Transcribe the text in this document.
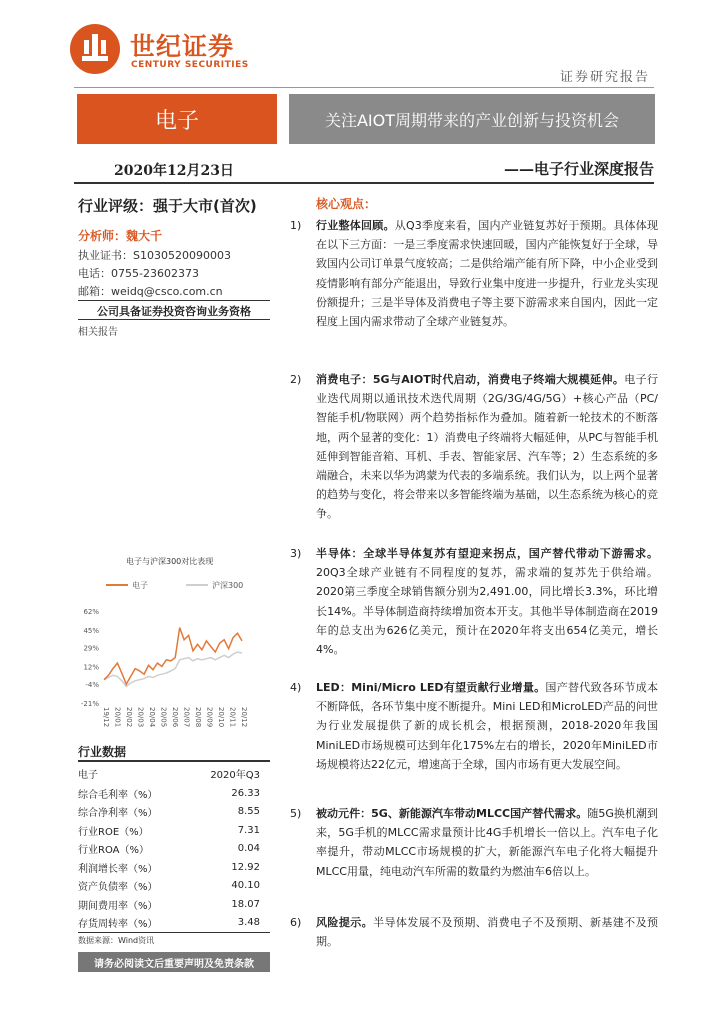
世纪证券
CENTURY SECURITIES
证券研究报告
电子	关注AIOT周期带来的产业创新与投资机会
2020年12月23日	——电子行业深度报告
行业评级：强于大市(首次)
分析师：魏大千
执业证书：S1030520090003
电话：0755-23602373
邮箱：weidq@csco.com.cn
公司具备证券投资咨询业务资格
相关报告
电子与沪深300对比表现
电子	沪深300
62%
45%
29%
12%
-4%
-21%
19/12 20/01 20/02 20/03 20/04 20/05 20/06 20/07 20/08 20/09 20/10 20/11 20/12
行业数据
电子	2020年Q3
综合毛利率（%）	26.33
综合净利率（%）	8.55
行业ROE（%）	7.31
行业ROA（%）	0.04
利润增长率（%）	12.92
资产负债率（%）	40.10
期间费用率（%）	18.07
存货周转率（%）	3.48
数据来源：Wind资讯
请务必阅读文后重要声明及免责条款
核心观点：
1) 行业整体回顾。从Q3季度来看，国内产业链复苏好于预期。具体体现在以下三方面：一是三季度需求快速回暖，国内产能恢复好于全球，导致国内公司订单景气度较高；二是供给端产能有所下降，中小企业受到疫情影响有部分产能退出，导致行业集中度进一步提升，行业龙头实现份额提升；三是半导体及消费电子等主要下游需求来自国内，因此一定程度上国内需求带动了全球产业链复苏。
2) 消费电子：5G与AIOT时代启动，消费电子终端大规模延伸。电子行业迭代周期以通讯技术迭代周期（2G/3G/4G/5G）+核心产品（PC/智能手机/物联网）两个趋势指标作为叠加。随着新一轮技术的不断落地，两个显著的变化：1）消费电子终端将大幅延伸，从PC与智能手机延伸到智能音箱、耳机、手表、智能家居、汽车等；2）生态系统的多端融合，未来以华为鸿蒙为代表的多端系统。我们认为，以上两个显著的趋势与变化，将会带来以多智能终端为基础，以生态系统为核心的竞争。
3) 半导体：全球半导体复苏有望迎来拐点，国产替代带动下游需求。20Q3全球产业链有不同程度的复苏，需求端的复苏先于供给端。2020第三季度全球销售额分别为2,491.00，同比增长3.3%，环比增长14%。半导体制造商持续增加资本开支。其他半导体制造商在2019年的总支出为626亿美元，预计在2020年将支出654亿美元，增长4%。
4) LED：Mini/Micro LED有望贡献行业增量。国产替代致各环节成本不断降低，各环节集中度不断提升。Mini LED和MicroLED产品的问世为行业发展提供了新的成长机会，根据预测，2018-2020年我国MiniLED市场规模可达到年化175%左右的增长，2020年MiniLED市场规模将达22亿元，增速高于全球，国内市场有更大发展空间。
5) 被动元件：5G、新能源汽车带动MLCC国产替代需求。随5G换机潮到来，5G手机的MLCC需求量预计比4G手机增长一倍以上。汽车电子化率提升，带动MLCC市场规模的扩大，新能源汽车电子化将大幅提升MLCC用量，纯电动汽车所需的数量约为燃油车6倍以上。
6) 风险提示。半导体发展不及预期、消费电子不及预期、新基建不及预期。
